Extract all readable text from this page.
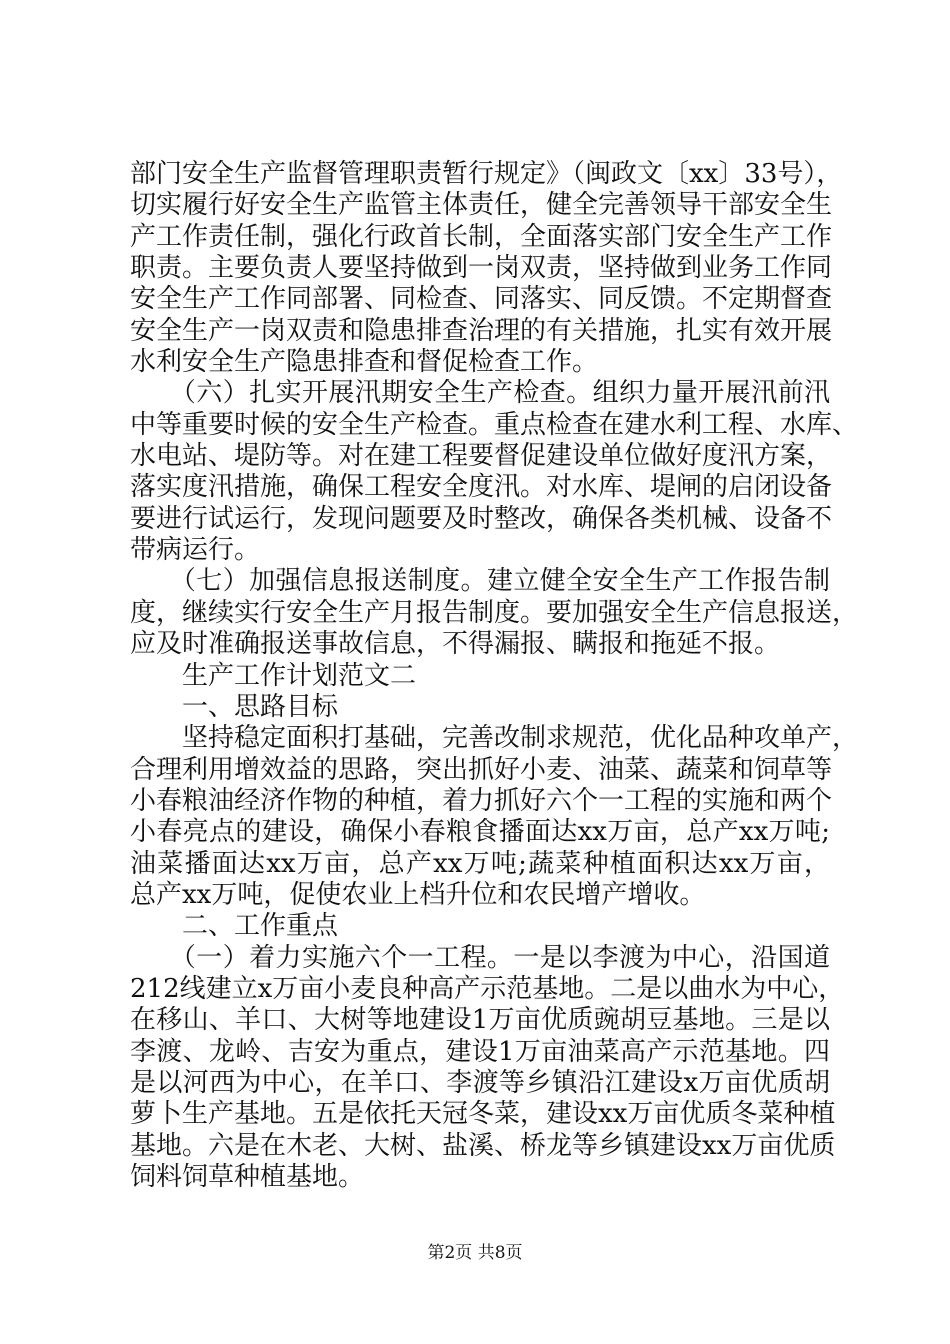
部门安全生产监督管理职责暂行规定》（闽政文〔xx〕33号），
切实履行好安全生产监管主体责任，健全完善领导干部安全生
产工作责任制，强化行政首长制，全面落实部门安全生产工作
职责。主要负责人要坚持做到一岗双责，坚持做到业务工作同
安全生产工作同部署、同检查、同落实、同反馈。不定期督查
安全生产一岗双责和隐患排查治理的有关措施，扎实有效开展
水利安全生产隐患排查和督促检查工作。
　　（六）扎实开展汛期安全生产检查。组织力量开展汛前汛
中等重要时候的安全生产检查。重点检查在建水利工程、水库、
水电站、堤防等。对在建工程要督促建设单位做好度汛方案，
落实度汛措施，确保工程安全度汛。对水库、堤闸的启闭设备
要进行试运行，发现问题要及时整改，确保各类机械、设备不
带病运行。
　　（七）加强信息报送制度。建立健全安全生产工作报告制
度，继续实行安全生产月报告制度。要加强安全生产信息报送，
应及时准确报送事故信息，不得漏报、瞒报和拖延不报。
　　生产工作计划范文二
　　一、思路目标
　　坚持稳定面积打基础，完善改制求规范，优化品种攻单产，
合理利用增效益的思路，突出抓好小麦、油菜、蔬菜和饲草等
小春粮油经济作物的种植，着力抓好六个一工程的实施和两个
小春亮点的建设，确保小春粮食播面达xx万亩，总产xx万吨;
油菜播面达xx万亩，总产xx万吨;蔬菜种植面积达xx万亩，
总产xx万吨，促使农业上档升位和农民增产增收。
　　二、工作重点
　　（一）着力实施六个一工程。一是以李渡为中心，沿国道
212线建立x万亩小麦良种高产示范基地。二是以曲水为中心，
在移山、羊口、大树等地建设1万亩优质豌胡豆基地。三是以
李渡、龙岭、吉安为重点，建设1万亩油菜高产示范基地。四
是以河西为中心，在羊口、李渡等乡镇沿江建设x万亩优质胡
萝卜生产基地。五是依托天冠冬菜，建设xx万亩优质冬菜种植
基地。六是在木老、大树、盐溪、桥龙等乡镇建设xx万亩优质
饲料饲草种植基地。
第2页 共8页
